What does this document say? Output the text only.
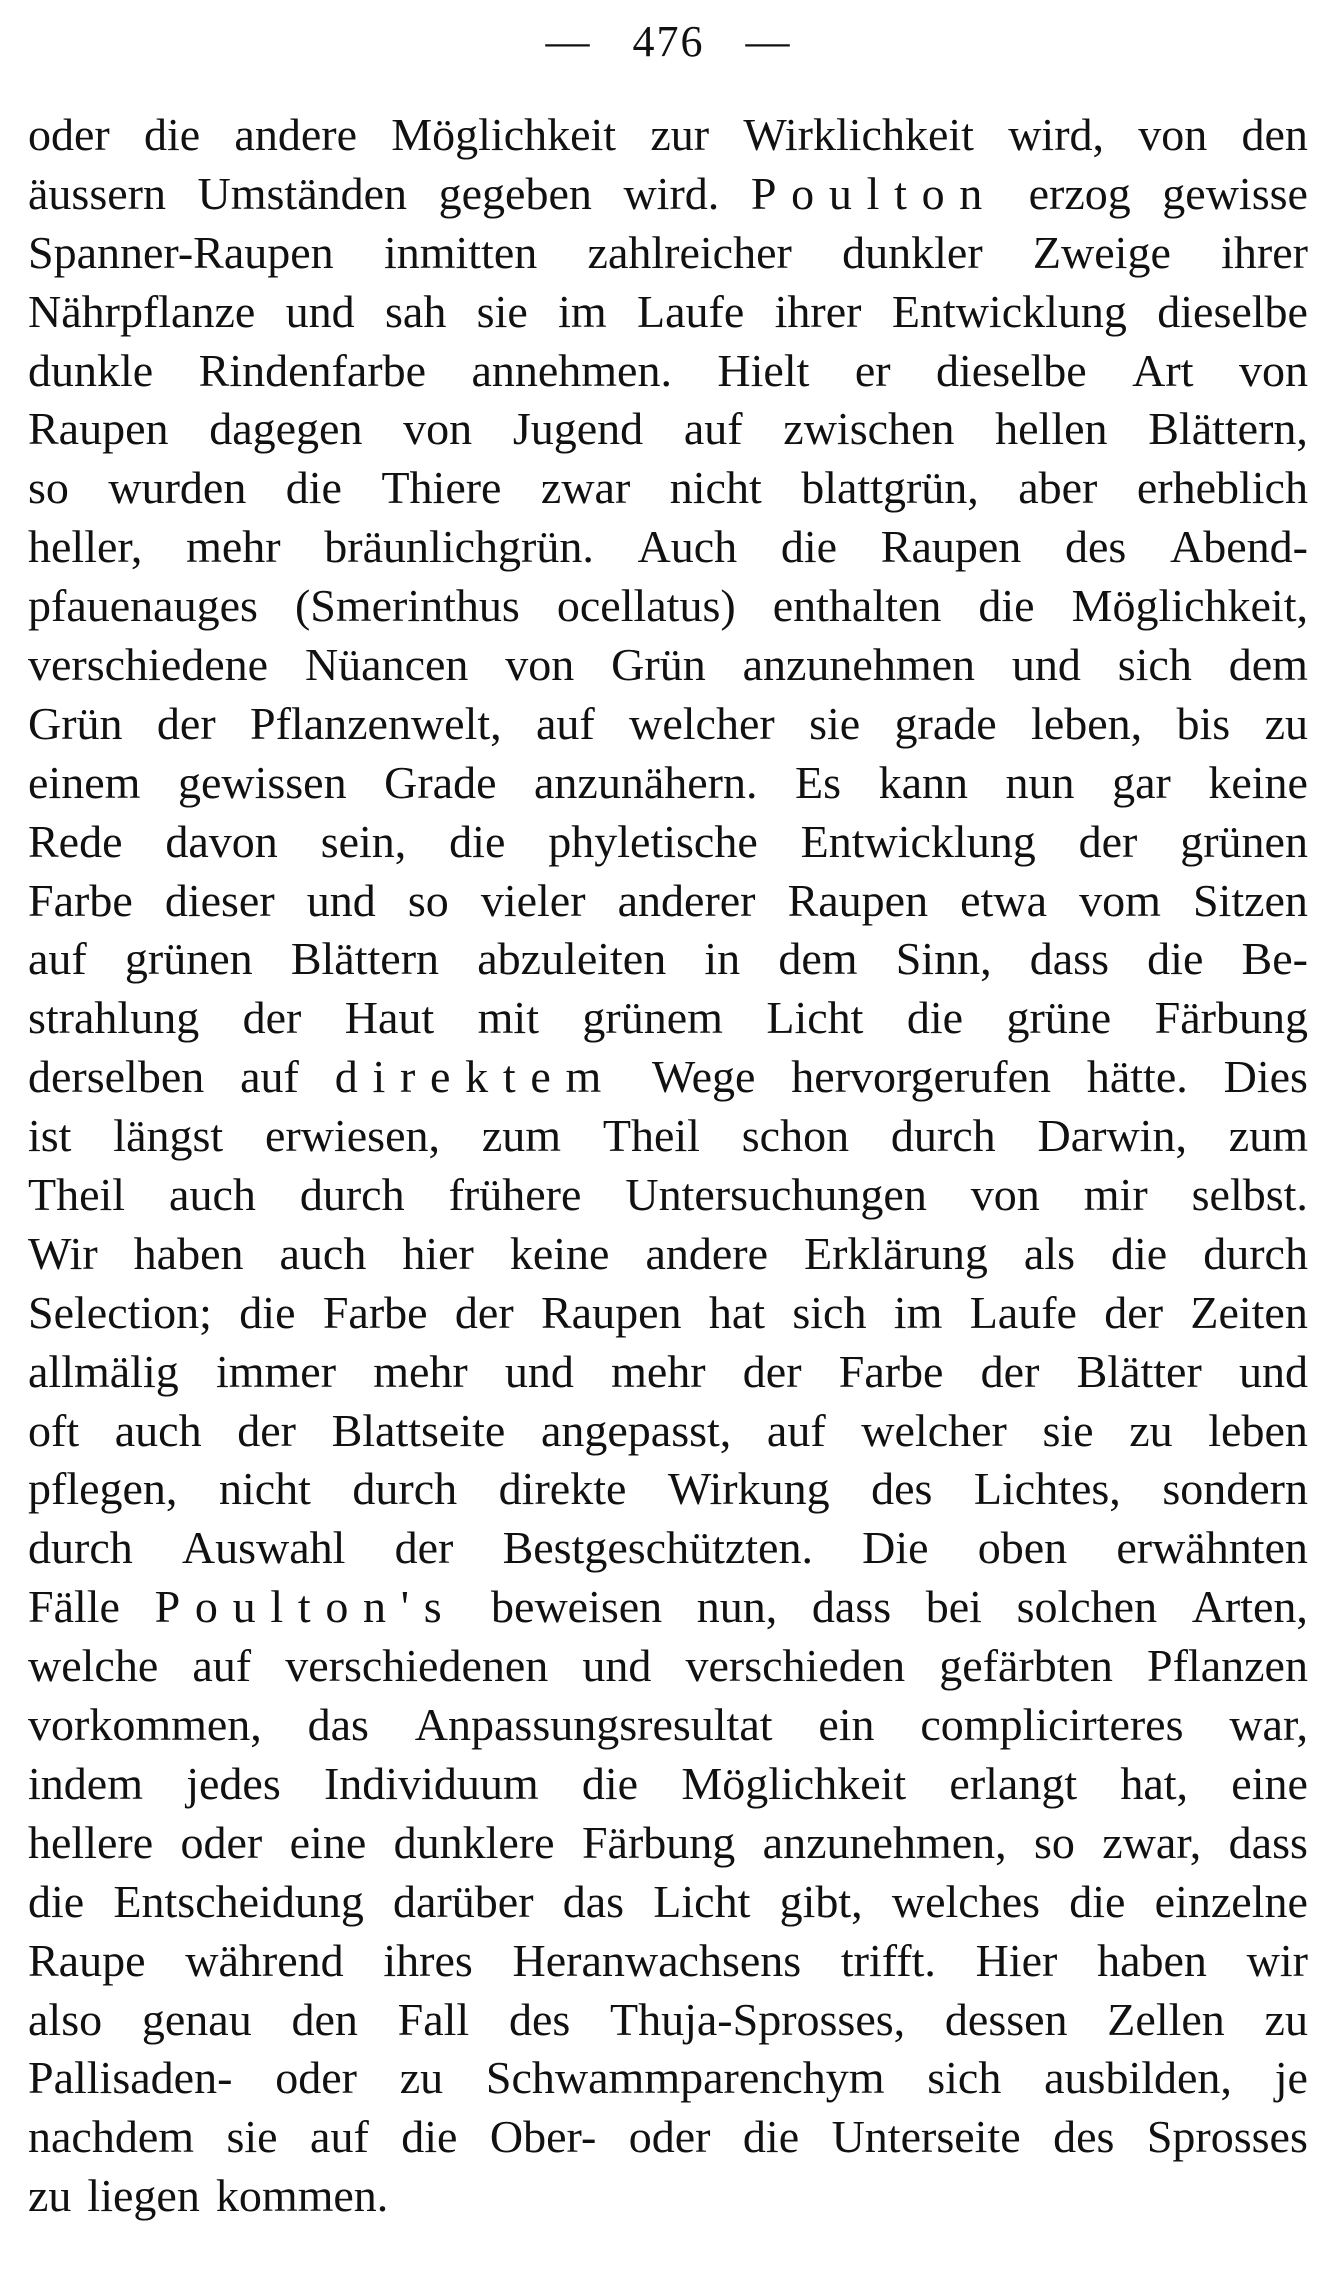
— 476 —
oder die andere Möglichkeit zur Wirklichkeit wird, von den
äussern Umständen gegeben wird. Poulton erzog gewisse
Spanner-Raupen inmitten zahlreicher dunkler Zweige ihrer
Nährpflanze und sah sie im Laufe ihrer Entwicklung dieselbe
dunkle Rindenfarbe annehmen. Hielt er dieselbe Art von
Raupen dagegen von Jugend auf zwischen hellen Blättern,
so wurden die Thiere zwar nicht blattgrün, aber erheblich
heller, mehr bräunlichgrün. Auch die Raupen des Abend-
pfauenauges (Smerinthus ocellatus) enthalten die Möglichkeit,
verschiedene Nüancen von Grün anzunehmen und sich dem
Grün der Pflanzenwelt, auf welcher sie grade leben, bis zu
einem gewissen Grade anzunähern. Es kann nun gar keine
Rede davon sein, die phyletische Entwicklung der grünen
Farbe dieser und so vieler anderer Raupen etwa vom Sitzen
auf grünen Blättern abzuleiten in dem Sinn, dass die Be-
strahlung der Haut mit grünem Licht die grüne Färbung
derselben auf direktem Wege hervorgerufen hätte. Dies
ist längst erwiesen, zum Theil schon durch Darwin, zum
Theil auch durch frühere Untersuchungen von mir selbst.
Wir haben auch hier keine andere Erklärung als die durch
Selection; die Farbe der Raupen hat sich im Laufe der Zeiten
allmälig immer mehr und mehr der Farbe der Blätter und
oft auch der Blattseite angepasst, auf welcher sie zu leben
pflegen, nicht durch direkte Wirkung des Lichtes, sondern
durch Auswahl der Bestgeschützten. Die oben erwähnten
Fälle Poulton's beweisen nun, dass bei solchen Arten,
welche auf verschiedenen und verschieden gefärbten Pflanzen
vorkommen, das Anpassungsresultat ein complicirteres war,
indem jedes Individuum die Möglichkeit erlangt hat, eine
hellere oder eine dunklere Färbung anzunehmen, so zwar, dass
die Entscheidung darüber das Licht gibt, welches die einzelne
Raupe während ihres Heranwachsens trifft. Hier haben wir
also genau den Fall des Thuja-Sprosses, dessen Zellen zu
Pallisaden- oder zu Schwammparenchym sich ausbilden, je
nachdem sie auf die Ober- oder die Unterseite des Sprosses
zu liegen kommen.
